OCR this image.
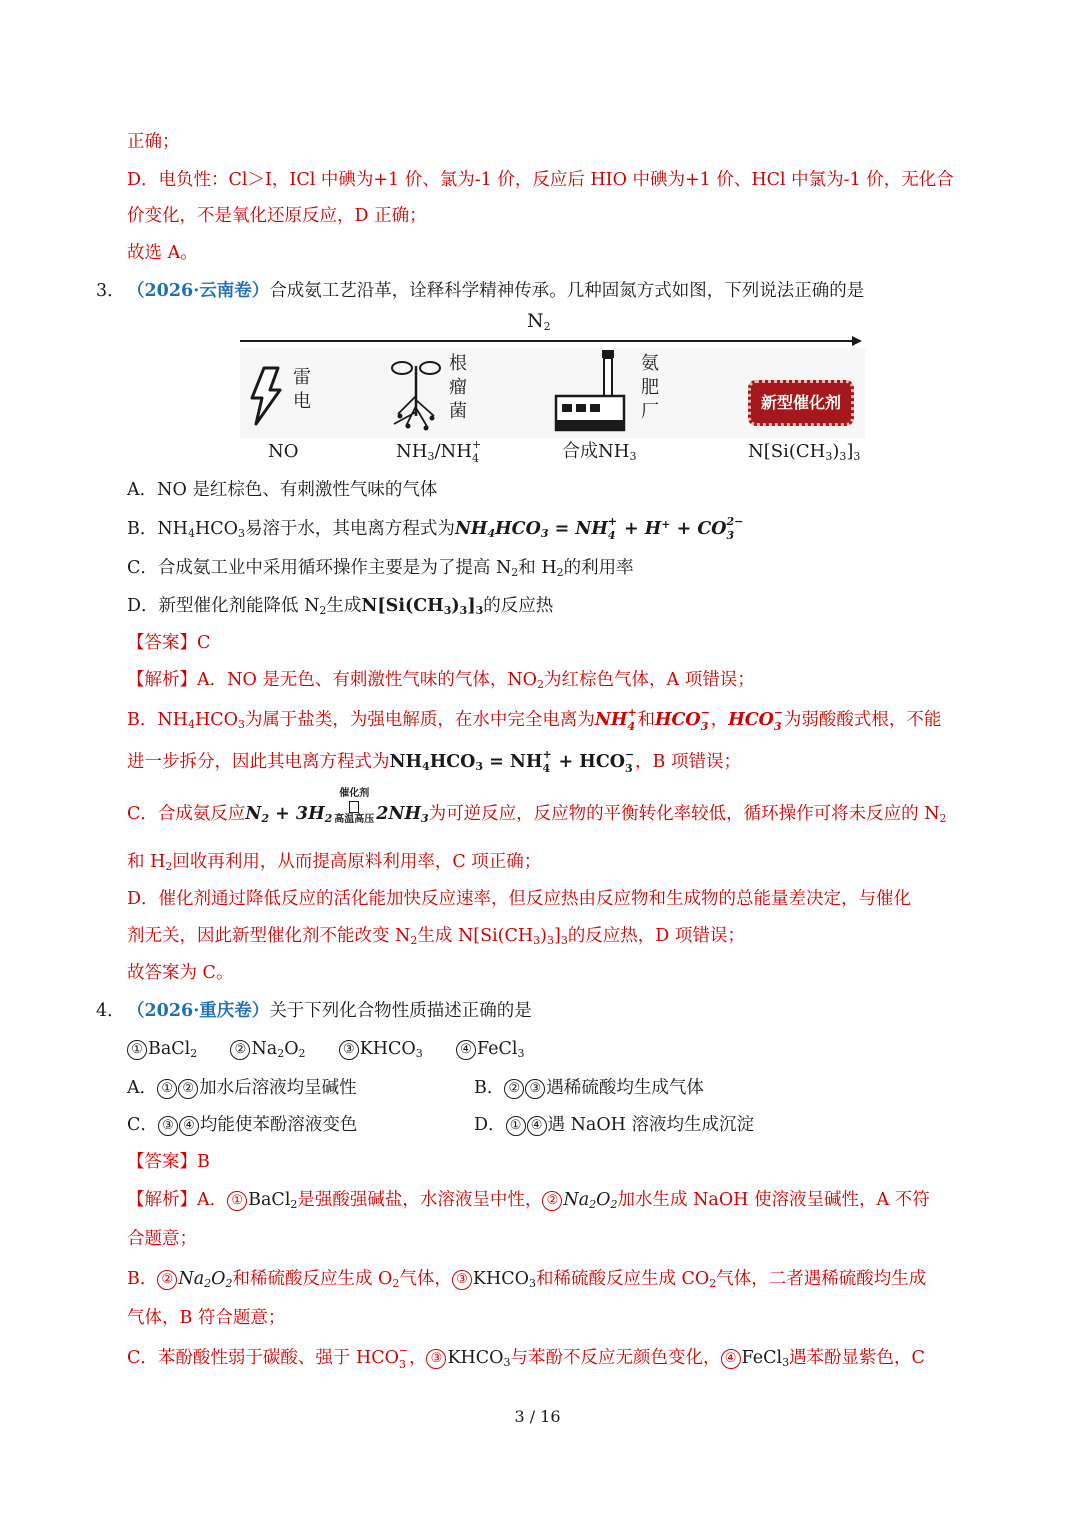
正确；
D．电负性：Cl＞I，ICl 中碘为+1 价、氯为-1 价，反应后 HIO 中碘为+1 价、HCl 中氯为-1 价，无化合
价变化，不是氧化还原反应，D 正确；
故选 A。
3． （2026·云南卷）合成氨工艺沿革，诠释科学精神传承。几种固氮方式如图，下列说法正确的是
$N_2$
雷
电
根
瘤
菌
氨
肥
厂	新型催化剂
NO	$NH_3/NH$ +
4	合成$NH_3$	$N[Si(CH_3)_3]_3$
A．NO 是红棕色、有刺激性气味的气体
B．$NH_4HCO_3$易溶于水，其电离方程式为$NH_4HCO_3$ = NH +
4 + H+ + CO 2−
3
C．合成氨工业中采用循环操作主要是为了提高 $N_2$和 $H_2$的利用率
D．新型催化剂能降低 $N_2$生成$N[Si(CH_3)_3]_3$的反应热
【答案】C
【解析】A．NO 是无色、有刺激性气味的气体，$NO_2$为红棕色气体，A 项错误；
B．$NH_4HCO_3$为属于盐类，为强电解质，在水中完全电离为NH +
4 和HCO −
3 ，HCO −
3 为弱酸酸式根，不能
进一步拆分，因此其电离方程式为$NH_4HCO_3$ = NH +
4 + HCO −
3 ，B 项错误；
C．合成氨反应$N_2 + 3H_2$
催化剂
高温高压 $2NH_3$为可逆反应，反应物的平衡转化率较低，循环操作可将未反应的 $N_2$
和 $H_2$回收再利用，从而提高原料利用率，C 项正确；
D．催化剂通过降低反应的活化能加快反应速率，但反应热由反应物和生成物的总能量差决定，与催化
剂无关，因此新型催化剂不能改变 $N_2$生成 $N[Si(CH_3)_3]_3$的反应热，D 项错误；
故答案为 C。
4． （2026·重庆卷）关于下列化合物性质描述正确的是
① BaCl$_2$	② $Na_2O_2$	③ $KHCO_3$	④ FeCl$_3$
A． ① ② 加水后溶液均呈碱性	B． ② ③ 遇稀硫酸均生成气体
C． ③ ④ 均能使苯酚溶液变色	D． ① ④ 遇 NaOH 溶液均生成沉淀
【答案】B
【解析】A． ① BaCl$_2$是强酸强碱盐，水溶液呈中性， ② $Na_2O_2$加水生成 NaOH 使溶液呈碱性，A 不符
合题意；
B． ② $Na_2O_2$和稀硫酸反应生成 $O_2$气体， ③ $KHCO_3$和稀硫酸反应生成 $CO_2$气体，二者遇稀硫酸均生成
气体，B 符合题意；
C．苯酚酸性弱于碳酸、强于 HCO −
3 ， ③ $KHCO_3$与苯酚不反应无颜色变化， ④ FeCl$_3$遇苯酚显紫色，C
3 / 16
